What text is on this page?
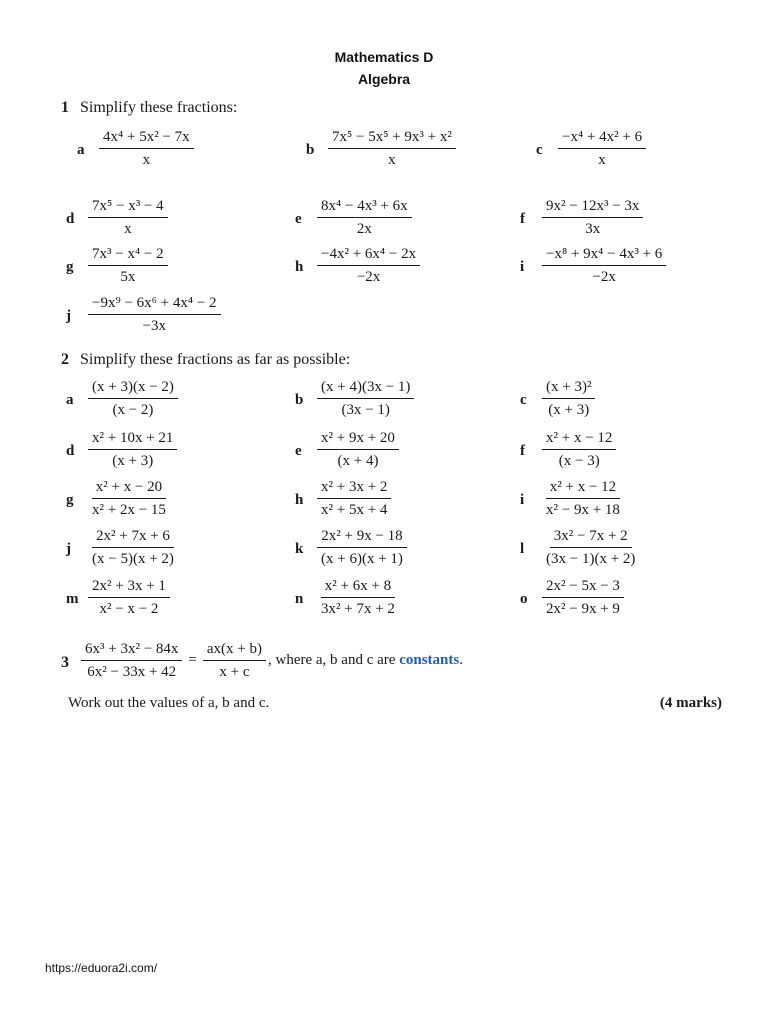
Mathematics D
Algebra
1 Simplify these fractions:
a $\frac{\text{4x⁴ + 5x² − 7x}}{x}$	b $\frac{\text{7x⁵ − 5x⁵ + 9x³ + x²}}{x}$	c	$\frac{\text{−x⁴ + 4x² + 6}}{x}$
d $\frac{\text{7x⁵ − x³ − 4}}{x}$	e	$\frac{\text{8x⁴ − 4x³ + 6x}}{2x}$	f	$\frac{\text{9x² − 12x³ − 3x}}{3x}$
g $\frac{\text{7x³ − x⁴ − 2}}{5x}$	h $\frac{\text{−4x² + 6x⁴ − 2x}}{-2x}$	i	$\frac{\text{−x⁸ + 9x⁴ − 4x³ + 6}}{-2x}$
j	$\frac{\text{−9x⁹ − 6x⁶ + 4x⁴ − 2}}{-3x}$
2 Simplify these fractions as far as possible:
a $\frac{(x + 3)(x - 2)}{(x - 2)}$	b $\frac{(x + 4)(3x - 1)}{(3x - 1)}$	c	$\frac{\text{(x + 3)²}}{(x + 3)}$
d $\frac{\text{x² + 10x + 21}}{(x + 3)}$	e	$\frac{\text{x² + 9x + 20}}{(x + 4)}$	f	$\frac{\text{x² + x − 12}}{(x - 3)}$
g $\frac{\text{x² + x − 20}}{\text{x² + 2x − 15}}$	h $\frac{\text{x² + 3x + 2}}{\text{x² + 5x + 4}}$	i	$\frac{\text{x² + x − 12}}{\text{x² − 9x + 18}}$
j	$\frac{\text{2x² + 7x + 6}}{(x - 5)(x + 2)}$	k $\frac{\text{2x² + 9x − 18}}{(x + 6)(x + 1)}$	l	$\frac{\text{3x² − 7x + 2}}{(3x - 1)(x + 2)}$
m $\frac{\text{2x² + 3x + 1}}{\text{x² − x − 2}}$	n $\frac{\text{x² + 6x + 8}}{\text{3x² + 7x + 2}}$	o $\frac{\text{2x² − 5x − 3}}{\text{2x² − 9x + 9}}$
$3 \frac{\text{6x³ + 3x² − 84x}}{\text{6x² − 33x + 42}} = \frac{ax(x + b)}{x + c}$ , where a, b and c are constants.
Work out the values of a, b and c.	(4 marks)
https://eduora2i.com/
